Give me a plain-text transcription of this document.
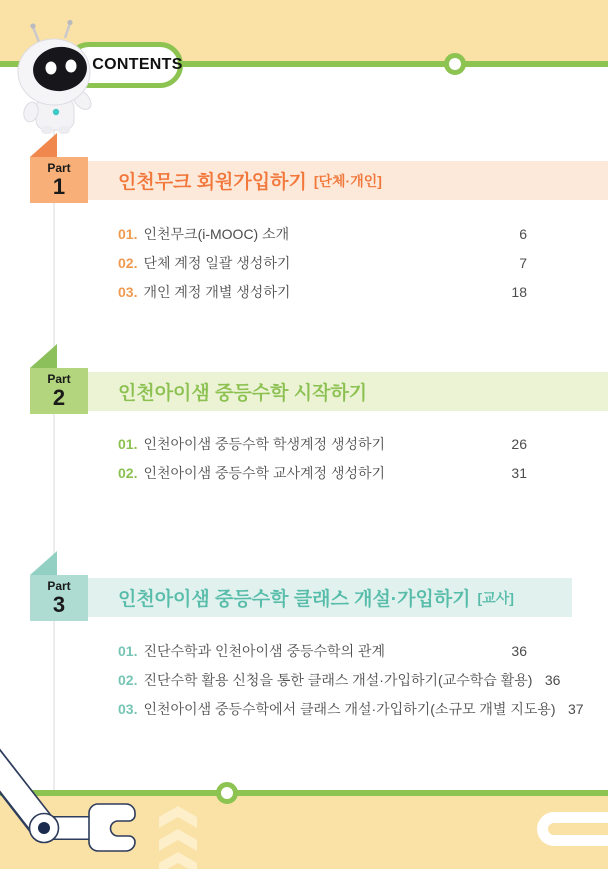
CONTENTS
Part
1	인천무크 회원가입하기 [단체·개인]
01. 인천무크(i-MOOC) 소개	6
02. 단체 계정 일괄 생성하기	7
03. 개인 계정 개별 생성하기	18
Part
2	인천아이샘 중등수학 시작하기
01. 인천아이샘 중등수학 학생계정 생성하기	26
02. 인천아이샘 중등수학 교사계정 생성하기	31
Part
3	인천아이샘 중등수학 클래스 개설·가입하기 [교사]
01. 진단수학과 인천아이샘 중등수학의 관계	36
02. 진단수학 활용 신청을 통한 클래스 개설·가입하기(교수학습 활용) 36
03. 인천아이샘 중등수학에서 클래스 개설·가입하기(소규모 개별 지도용) 37
